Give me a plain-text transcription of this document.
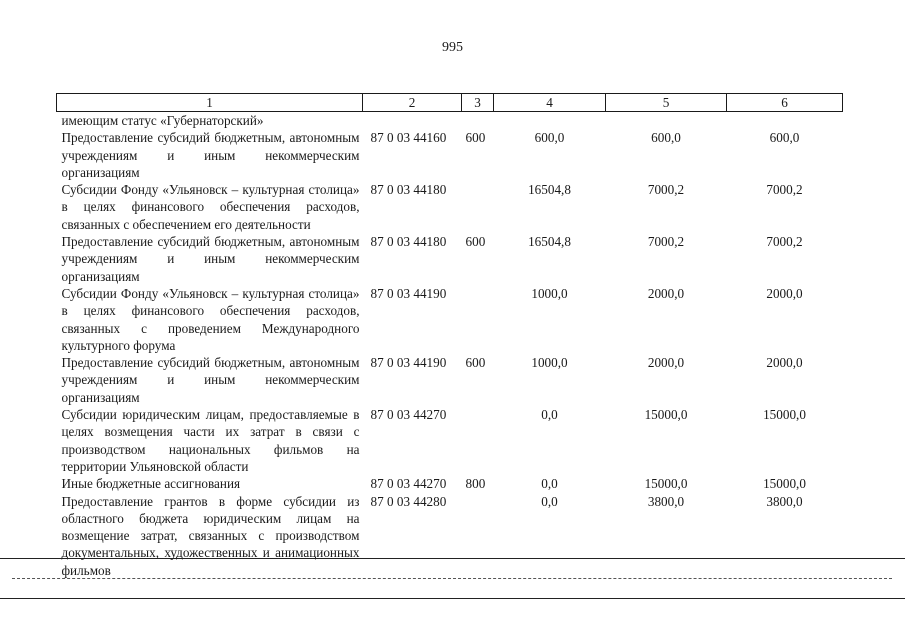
995
1	2	3	4	5	6
имеющим статус «Губернаторский»					
Предоставление субсидий бюджетным, автономным учреждениям и иным некоммерческим организациям	87 0 03 44160	600	600,0	600,0	600,0
Субсидии Фонду «Ульяновск – культурная столица» в целях финансового обеспечения расходов, связанных с обеспечением его деятельности	87 0 03 44180		16504,8	7000,2	7000,2
Предоставление субсидий бюджетным, автономным учреждениям и иным некоммерческим организациям	87 0 03 44180	600	16504,8	7000,2	7000,2
Субсидии Фонду «Ульяновск – культурная столица» в целях финансового обеспечения расходов, связанных с проведением Международного культурного форума	87 0 03 44190		1000,0	2000,0	2000,0
Предоставление субсидий бюджетным, автономным учреждениям и иным некоммерческим организациям	87 0 03 44190	600	1000,0	2000,0	2000,0
Субсидии юридическим лицам, предоставляемые в целях возмещения части их затрат в связи с производством национальных фильмов на территории Ульяновской области	87 0 03 44270		0,0	15000,0	15000,0
Иные бюджетные ассигнования	87 0 03 44270	800	0,0	15000,0	15000,0
Предоставление грантов в форме субсидии из областного бюджета юридическим лицам на возмещение затрат, связанных с производством документальных, художественных и анимационных фильмов	87 0 03 44280		0,0	3800,0	3800,0
